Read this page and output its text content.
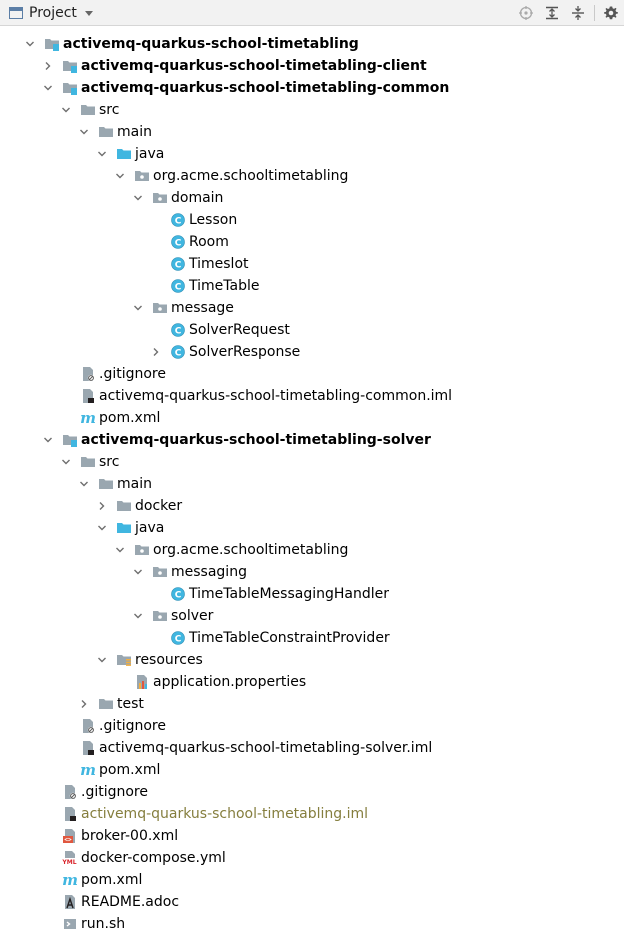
Project
activemq-quarkus-school-timetabling
activemq-quarkus-school-timetabling-client
activemq-quarkus-school-timetabling-common
src
main
java
org.acme.schooltimetabling
domain
C Lesson
C Room
C Timeslot
C TimeTable
message
C SolverRequest
C SolverResponse
.gitignore
activemq-quarkus-school-timetabling-common.iml
m pom.xml
activemq-quarkus-school-timetabling-solver
src
main
docker
java
org.acme.schooltimetabling
messaging
C TimeTableMessagingHandler
solver
C TimeTableConstraintProvider
resources
application.properties
test
.gitignore
activemq-quarkus-school-timetabling-solver.iml
m pom.xml
.gitignore
activemq-quarkus-school-timetabling.iml
<> broker-00.xml
YML docker-compose.yml
m pom.xml
README.adoc
run.sh
